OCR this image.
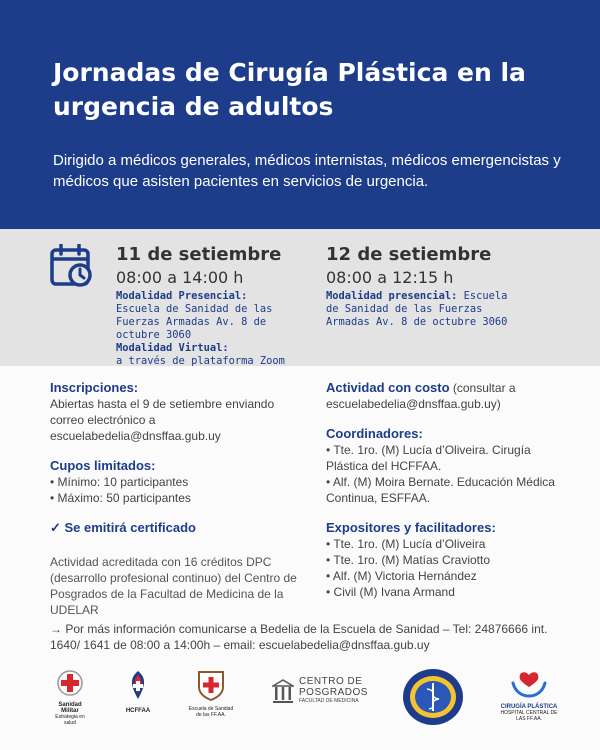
Jornadas de Cirugía Plástica en la urgencia de adultos

Dirigido a médicos generales, médicos internistas, médicos emergencistas y médicos que asisten pacientes en servicios de urgencia.

11 de setiembre
08:00 a 14:00 h
Modalidad Presencial:
Escuela de Sanidad de las Fuerzas Armadas Av. 8 de octubre 3060
Modalidad Virtual:
a través de plataforma Zoom
12 de setiembre
08:00 a 12:15 h
Modalidad presencial: Escuela de Sanidad de las Fuerzas Armadas Av. 8 de octubre 3060
Inscripciones:

Abiertas hasta el 9 de setiembre enviando correo electrónico a escuelabedelia@dnsffaa.gub.uy

Cupos limitados:

• Mínimo: 10 participantes

• Máximo: 50 participantes

✓ Se emitirá certificado

Actividad acreditada con 16 créditos DPC (desarrollo profesional continuo) del Centro de Posgrados de la Facultad de Medicina de la UDELAR

Actividad con costo (consultar a escuelabedelia@dnsffaa.gub.uy)

Coordinadores:

• Tte. 1ro. (M) Lucía d’Oliveira. Cirugía Plástica del HCFFAA.

• Alf. (M) Moira Bernate. Educación Médica Continua, ESFFAA.

Expositores y facilitadores:

• Tte. 1ro. (M) Lucía d’Oliveira

• Tte. 1ro. (M) Matías Craviotto

• Alf. (M) Victoria Hernández

• Civil (M) Ivana Armand

→ Por más información comunicarse a Bedelia de la Escuela de Sanidad – Tel: 24876666 int. 1640/ 1641 de 08:00 a 14:00h – email: escuelabedelia@dnsffaa.gub.uy

Sanidad Militar
Estrategia en salud
HCFFAA	Escuela de Sanidad
de las FF.AA.
CENTRO DE
POSGRADOS
FACULTAD DE MEDICINA
CIRUGÍA PLÁSTICA
HOSPITAL CENTRAL DE LAS FF.AA.
